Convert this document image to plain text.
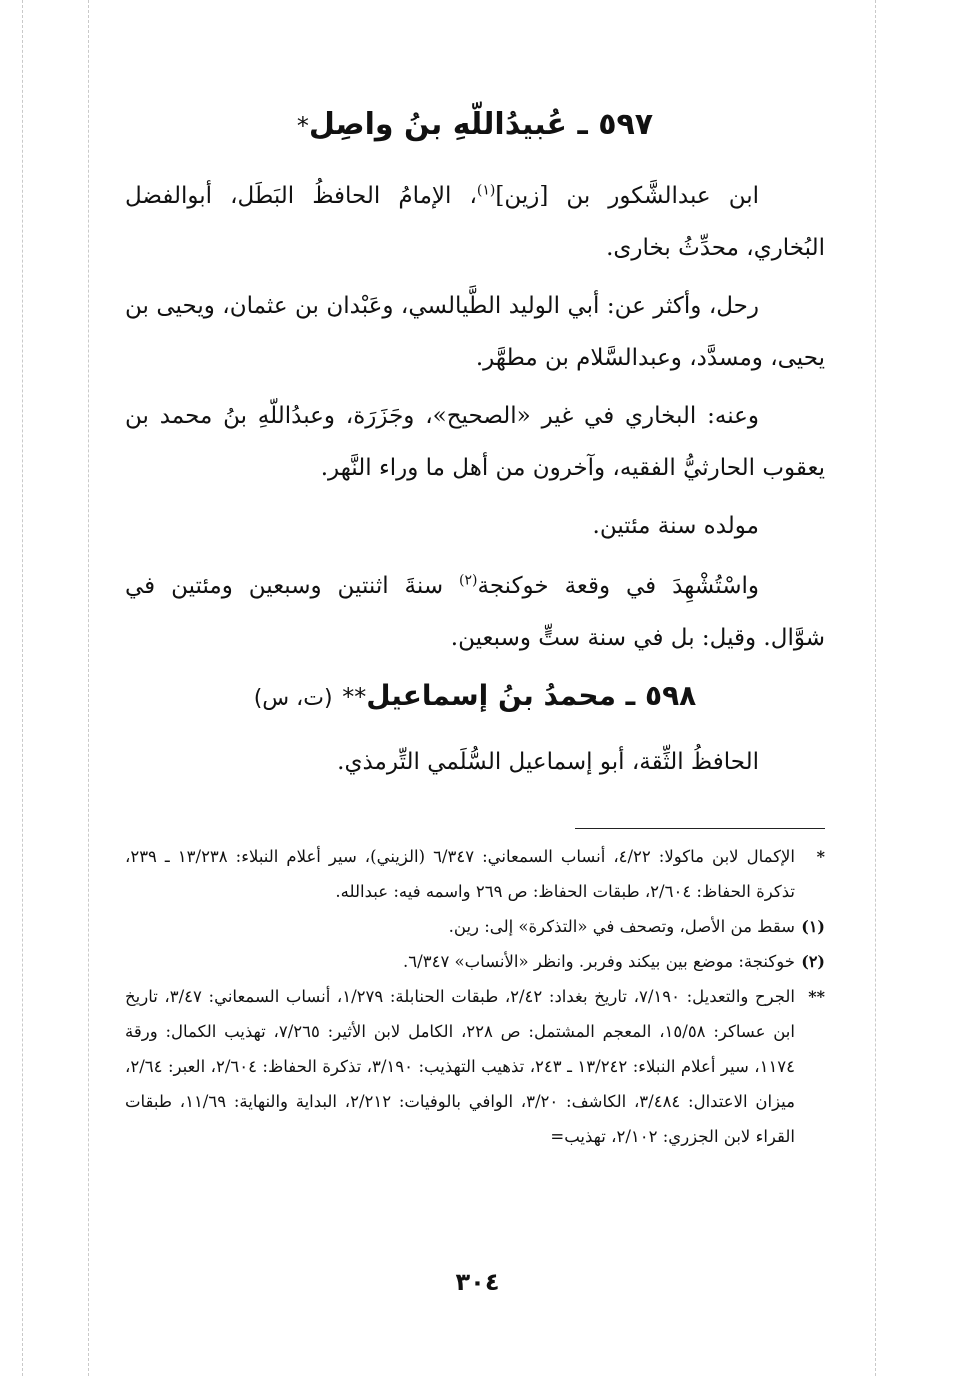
٥٩٧ ـ عُبيدُاللّهِ بنُ واصِل*

ابن عبدالشَّكور بن [زين]$^{(١)}$، الإمامُ الحافظُ البَطَل، أبوالفضل البُخاري، محدِّثُ بخارى.

رحل، وأكثر عن: أبي الوليد الطَّيالسي، وعَبْدان بن عثمان، ويحيى بن يحيى، ومسدَّد، وعبدالسَّلام بن مطهَّر.

وعنه: البخاري في غير «الصحيح»، وجَزَرَة، وعبدُاللّهِ بنُ محمد بن يعقوب الحارثيُّ الفقيه، وآخرون من أهل ما وراء النَّهر.

مولده سنة مئتين.

واسْتُشْهِدَ في وقعة خوكنجة$^{(٢)}$ سنةَ اثنتين وسبعين ومئتين في شوَّال. وقيل: بل في سنة ستٍّ وسبعين.

٥٩٨ ـ محمدُ بنُ إسماعيل** (ت، س)

الحافظُ الثِّقة، أبو إسماعيل السُّلَمي التِّرمذي.

*
الإكمال لابن ماكولا: ٤/٢٢، أنساب السمعاني: ٦/٣٤٧ (الزيني)، سير أعلام النبلاء: ١٣/٢٣٨ ـ ٢٣٩، تذكرة الحفاظ: ٢/٦٠٤، طبقات الحفاظ: ص ٢٦٩ واسمه فيه: عبدالله.
(١)
سقط من الأصل، وتصحف في «التذكرة» إلى: رين.
(٢)
خوكنجة: موضع بين بيكند وفربر. وانظر «الأنساب» ٦/٣٤٧.
**
الجرح والتعديل: ٧/١٩٠، تاريخ بغداد: ٢/٤٢، طبقات الحنابلة: ١/٢٧٩، أنساب السمعاني: ٣/٤٧، تاريخ ابن عساكر: ١٥/٥٨، المعجم المشتمل: ص ٢٢٨، الكامل لابن الأثير: ٧/٢٦٥، تهذيب الكمال: ورقة ١١٧٤، سير أعلام النبلاء: ١٣/٢٤٢ ـ ٢٤٣، تذهيب التهذيب: ٣/١٩٠، تذكرة الحفاظ: ٢/٦٠٤، العبر: ٢/٦٤، ميزان الاعتدال: ٣/٤٨٤، الكاشف: ٣/٢٠، الوافي بالوفيات: ٢/٢١٢، البداية والنهاية: ١١/٦٩، طبقات القراء لابن الجزري: ٢/١٠٢، تهذيب=
٣٠٤
